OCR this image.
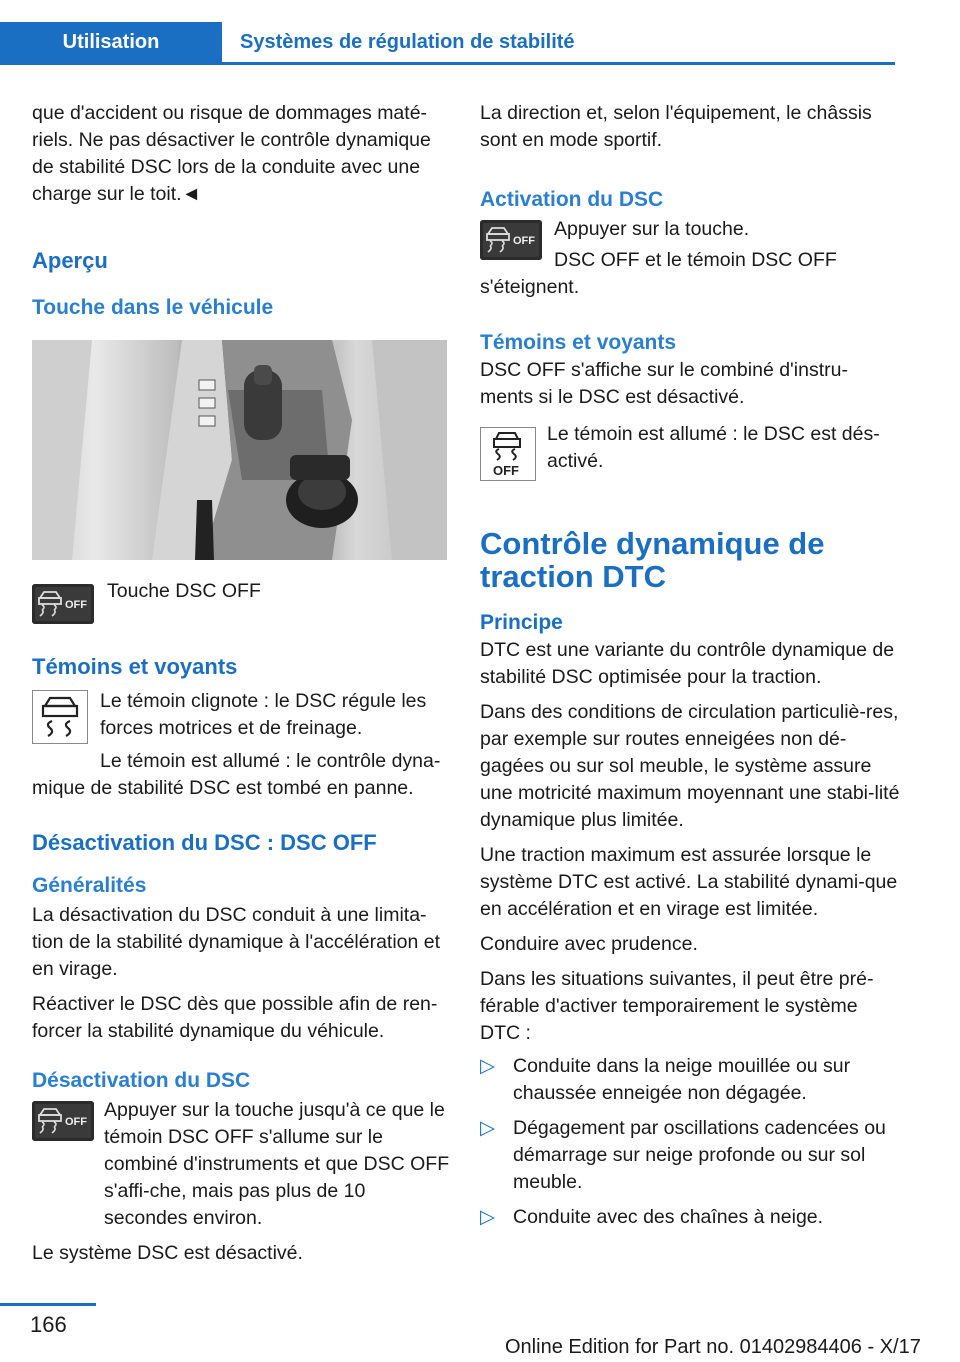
Utilisation	Systèmes de régulation de stabilité

que d'accident ou risque de dommages maté-riels. Ne pas désactiver le contrôle dynamique de stabilité DSC lors de la conduite avec une charge sur le toit.◄

Aperçu
Touche dans le véhicule
OFF

Touche DSC OFF

Témoins et voyants

Le témoin clignote : le DSC régule les forces motrices et de freinage.

Le témoin est allumé : le contrôle dyna-mique de stabilité DSC est tombé en panne.

Désactivation du DSC : DSC OFF
Généralités

La désactivation du DSC conduit à une limita-tion de la stabilité dynamique à l'accélération et en virage.

Réactiver le DSC dès que possible afin de ren-forcer la stabilité dynamique du véhicule.

Désactivation du DSC
OFF

Appuyer sur la touche jusqu'à ce que le témoin DSC OFF s'allume sur le combiné d'instruments et que DSC OFF s'affi-che, mais pas plus de 10 secondes environ.

Le système DSC est désactivé.

La direction et, selon l'équipement, le châssis sont en mode sportif.

Activation du DSC
OFF

Appuyer sur la touche.

DSC OFF et le témoin DSC OFF s'éteignent.

Témoins et voyants

DSC OFF s'affiche sur le combiné d'instru-ments si le DSC est désactivé.

OFF

Le témoin est allumé : le DSC est dés-activé.

Contrôle dynamique de traction DTC
Principe

DTC est une variante du contrôle dynamique de stabilité DSC optimisée pour la traction.

Dans des conditions de circulation particuliè-res, par exemple sur routes enneigées non dé-gagées ou sur sol meuble, le système assure une motricité maximum moyennant une stabi-lité dynamique plus limitée.

Une traction maximum est assurée lorsque le système DTC est activé. La stabilité dynami-que en accélération et en virage est limitée.

Conduire avec prudence.

Dans les situations suivantes, il peut être pré-férable d'activer temporairement le système DTC :

▷ Conduite dans la neige mouillée ou sur chaussée enneigée non dégagée.
▷ Dégagement par oscillations cadencées ou démarrage sur neige profonde ou sur sol meuble.
▷ Conduite avec des chaînes à neige.
166
Online Edition for Part no. 01402984406 - X/17
